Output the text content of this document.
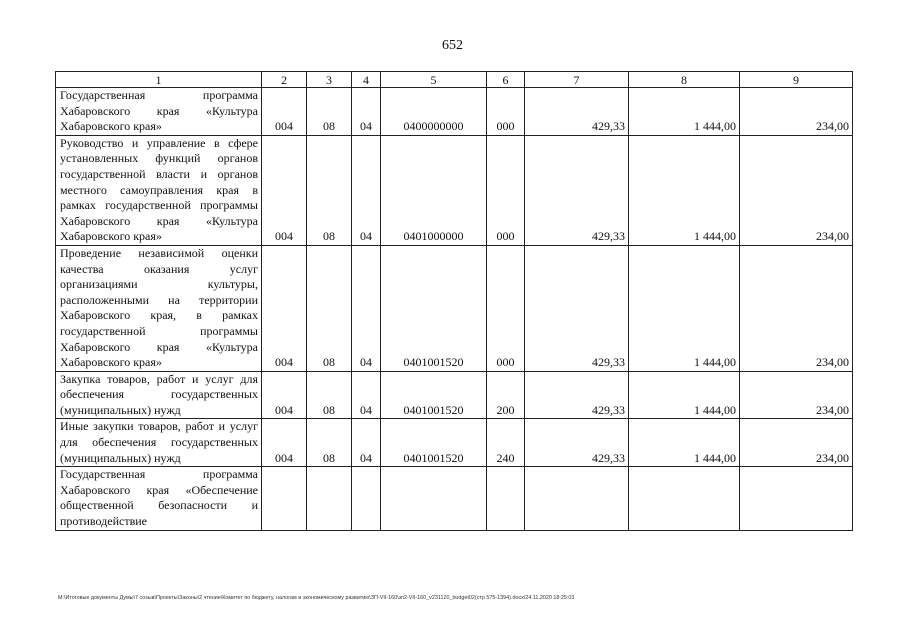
652
1	2	3	4	5	6	7	8	9
Государственная программа Хабаровского края «Культура Хабаровского края»	004	08	04	0400000000	000	429,33	1 444,00	234,00
Руководство и управление в сфере установленных функций органов государственной власти и органов местного самоуправления края в рамках государственной программы Хабаровского края «Культура Хабаровского края»	004	08	04	0401000000	000	429,33	1 444,00	234,00
Проведение независимой оценки качества оказания услуг организациями культуры, расположенными на территории Хабаровского края, в рамках государственной программы Хабаровского края «Культура Хабаровского края»	004	08	04	0401001520	000	429,33	1 444,00	234,00
Закупка товаров, работ и услуг для обеспечения государственных (муниципальных) нужд	004	08	04	0401001520	200	429,33	1 444,00	234,00
Иные закупки товаров, работ и услуг для обеспечения государственных (муниципальных) нужд	004	08	04	0401001520	240	429,33	1 444,00	234,00
Государственная программа Хабаровского края «Обеспечение общественной безопасности и противодействие								
M:\Итоговые документы Думы\7 созыв\Проекты\Законы\2 чтение\Комитет по бюджету, налогам и экономическому развитию\ЗП-VII-160\зп2-VII-160_v231120_budget02(стр 575-1394).docx/24.11.2020 18:25:03
